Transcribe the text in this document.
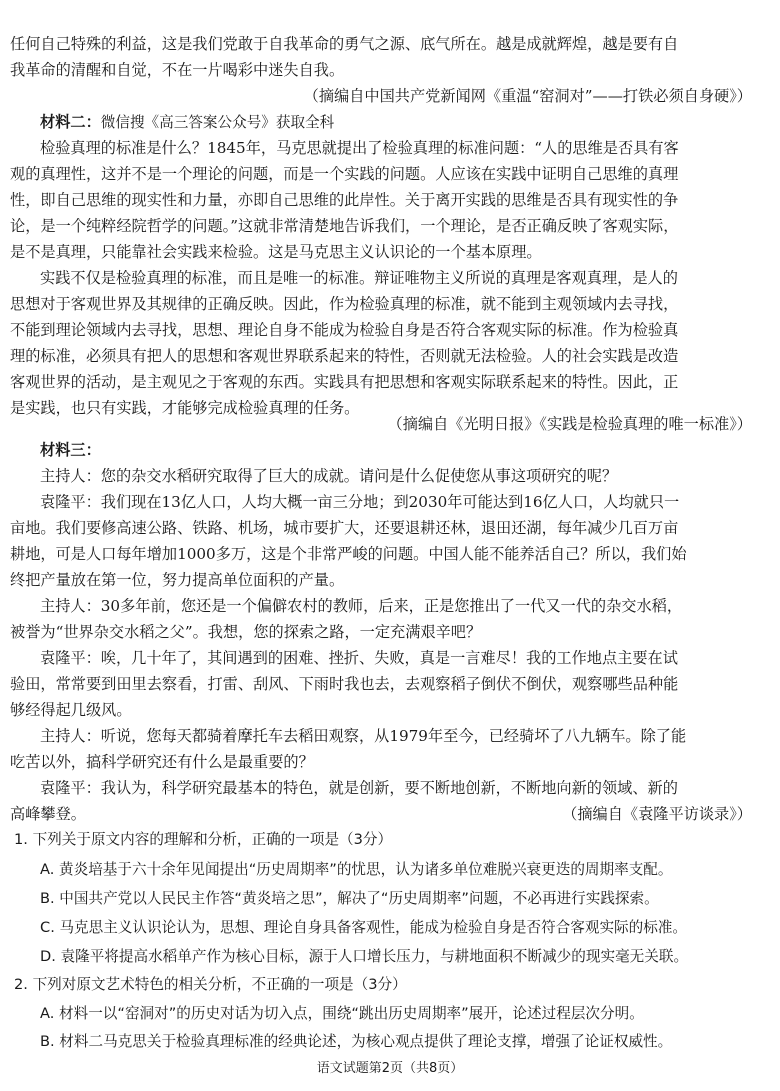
任何自己特殊的利益，这是我们党敢于自我革命的勇气之源、底气所在。越是成就辉煌，越是要有自
我革命的清醒和自觉，不在一片喝彩中迷失自我。
（摘编自中国共产党新闻网《重温“窑洞对”——打铁必须自身硬》）
材料二：微信搜《高三答案公众号》获取全科
检验真理的标准是什么？1845年，马克思就提出了检验真理的标准问题：“人的思维是否具有客
观的真理性，这并不是一个理论的问题，而是一个实践的问题。人应该在实践中证明自己思维的真理
性，即自己思维的现实性和力量，亦即自己思维的此岸性。关于离开实践的思维是否具有现实性的争
论，是一个纯粹经院哲学的问题。”这就非常清楚地告诉我们，一个理论，是否正确反映了客观实际，
是不是真理，只能靠社会实践来检验。这是马克思主义认识论的一个基本原理。
实践不仅是检验真理的标准，而且是唯一的标准。辩证唯物主义所说的真理是客观真理，是人的
思想对于客观世界及其规律的正确反映。因此，作为检验真理的标准，就不能到主观领域内去寻找，
不能到理论领域内去寻找，思想、理论自身不能成为检验自身是否符合客观实际的标准。作为检验真
理的标准，必须具有把人的思想和客观世界联系起来的特性，否则就无法检验。人的社会实践是改造
客观世界的活动，是主观见之于客观的东西。实践具有把思想和客观实际联系起来的特性。因此，正
是实践，也只有实践，才能够完成检验真理的任务。
（摘编自《光明日报》《实践是检验真理的唯一标准》）
材料三：
主持人：您的杂交水稻研究取得了巨大的成就。请问是什么促使您从事这项研究的呢？
袁隆平：我们现在13亿人口，人均大概一亩三分地；到2030年可能达到16亿人口，人均就只一
亩地。我们要修高速公路、铁路、机场，城市要扩大，还要退耕还林，退田还湖，每年减少几百万亩
耕地，可是人口每年增加1000多万，这是个非常严峻的问题。中国人能不能养活自己？所以，我们始
终把产量放在第一位，努力提高单位面积的产量。
主持人：30多年前，您还是一个偏僻农村的教师，后来，正是您推出了一代又一代的杂交水稻，
被誉为“世界杂交水稻之父”。我想，您的探索之路，一定充满艰辛吧？
袁隆平：唉，几十年了，其间遇到的困难、挫折、失败，真是一言难尽！我的工作地点主要在试
验田，常常要到田里去察看，打雷、刮风、下雨时我也去，去观察稻子倒伏不倒伏，观察哪些品种能
够经得起几级风。
主持人：听说，您每天都骑着摩托车去稻田观察，从1979年至今，已经骑坏了八九辆车。除了能
吃苦以外，搞科学研究还有什么是最重要的？
袁隆平：我认为，科学研究最基本的特色，就是创新，要不断地创新，不断地向新的领域、新的
高峰攀登。	（摘编自《袁隆平访谈录》）
1. 下列关于原文内容的理解和分析，正确的一项是（3分）
A. 黄炎培基于六十余年见闻提出“历史周期率”的忧思，认为诸多单位难脱兴衰更迭的周期率支配。
B. 中国共产党以人民民主作答“黄炎培之思”，解决了“历史周期率”问题，不必再进行实践探索。
C. 马克思主义认识论认为，思想、理论自身具备客观性，能成为检验自身是否符合客观实际的标准。
D. 袁隆平将提高水稻单产作为核心目标，源于人口增长压力，与耕地面积不断减少的现实毫无关联。
2. 下列对原文艺术特色的相关分析，不正确的一项是（3分）
A. 材料一以“窑洞对”的历史对话为切入点，围绕“跳出历史周期率”展开，论述过程层次分明。
B. 材料二马克思关于检验真理标准的经典论述，为核心观点提供了理论支撑，增强了论证权威性。
语文试题第2页（共8页）
